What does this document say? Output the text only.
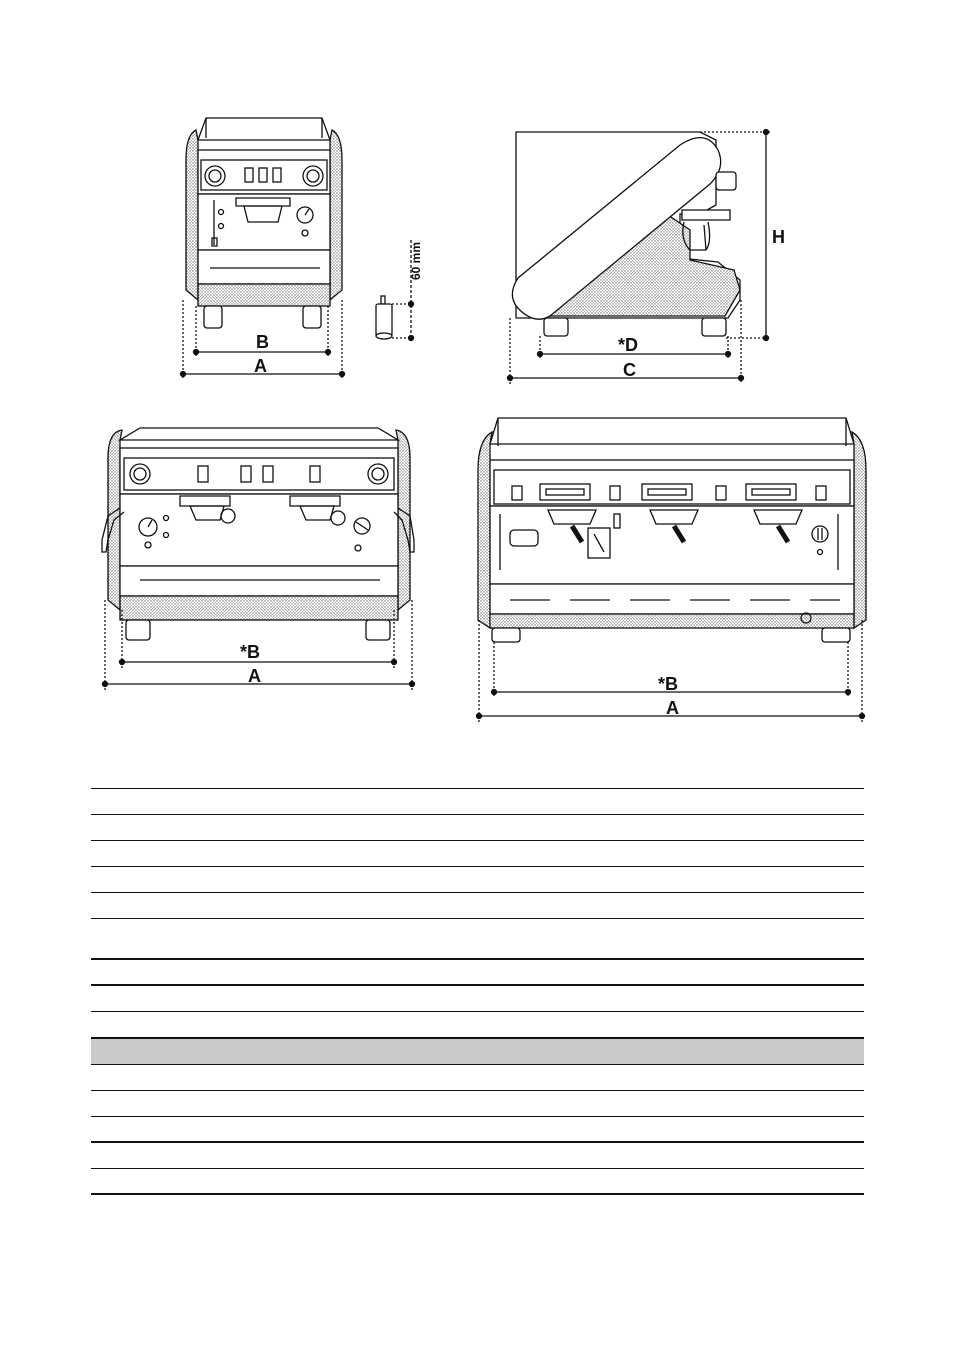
B
A
60 mm
H
*D
C
*B
A	*B
A
